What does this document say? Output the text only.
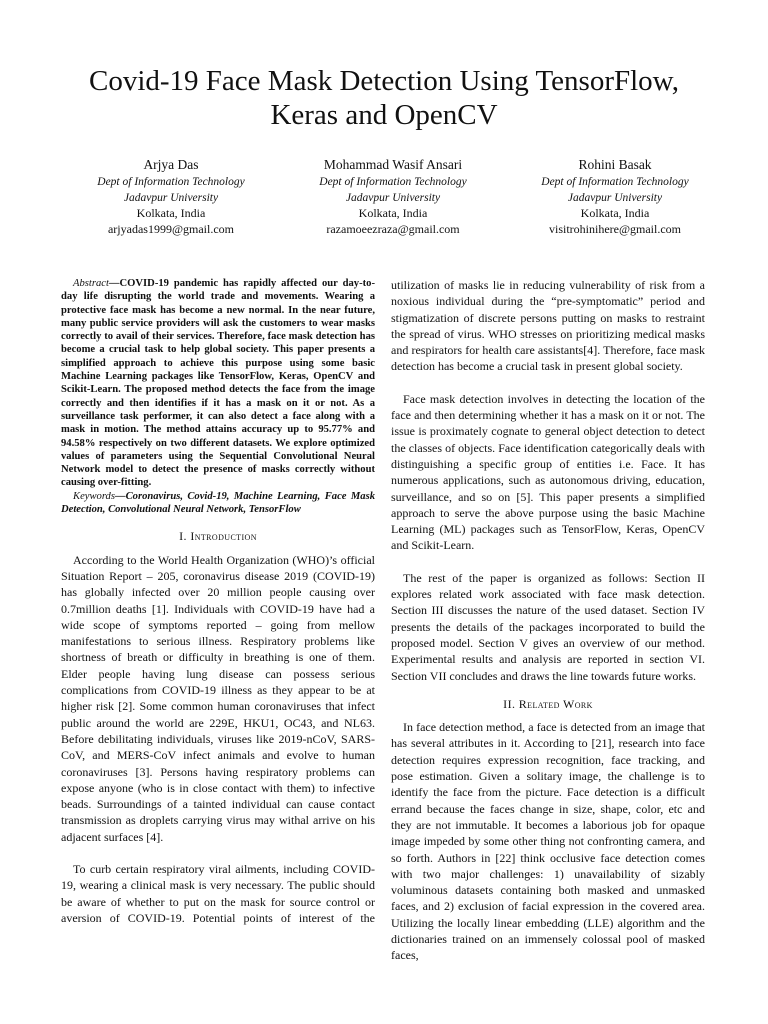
Covid-19 Face Mask Detection Using TensorFlow, Keras and OpenCV
Arjya Das
Dept of Information Technology
Jadavpur University
Kolkata, India
arjyadas1999@gmail.com
Mohammad Wasif Ansari
Dept of Information Technology
Jadavpur University
Kolkata, India
razamoeezraza@gmail.com
Rohini Basak
Dept of Information Technology
Jadavpur University
Kolkata, India
visitrohinihere@gmail.com

Abstract—COVID-19 pandemic has rapidly affected our day-to-day life disrupting the world trade and movements. Wearing a protective face mask has become a new normal. In the near future, many public service providers will ask the customers to wear masks correctly to avail of their services. Therefore, face mask detection has become a crucial task to help global society. This paper presents a simplified approach to achieve this purpose using some basic Machine Learning packages like TensorFlow, Keras, OpenCV and Scikit-Learn. The proposed method detects the face from the image correctly and then identifies if it has a mask on it or not. As a surveillance task performer, it can also detect a face along with a mask in motion. The method attains accuracy up to 95.77% and 94.58% respectively on two different datasets. We explore optimized values of parameters using the Sequential Convolutional Neural Network model to detect the presence of masks correctly without causing over-fitting.

Keywords—Coronavirus, Covid-19, Machine Learning, Face Mask Detection, Convolutional Neural Network, TensorFlow

I. Introduction

According to the World Health Organization (WHO)’s official Situation Report – 205, coronavirus disease 2019 (COVID-19) has globally infected over 20 million people causing over 0.7million deaths [1]. Individuals with COVID-19 have had a wide scope of symptoms reported – going from mellow manifestations to serious illness. Respiratory problems like shortness of breath or difficulty in breathing is one of them. Elder people having lung disease can possess serious complications from COVID-19 illness as they appear to be at higher risk [2]. Some common human coronaviruses that infect public around the world are 229E, HKU1, OC43, and NL63. Before debilitating individuals, viruses like 2019-nCoV, SARS-CoV, and MERS-CoV infect animals and evolve to human coronaviruses [3]. Persons having respiratory problems can expose anyone (who is in close contact with them) to infective beads. Surroundings of a tainted individual can cause contact transmission as droplets carrying virus may withal arrive on his adjacent surfaces [4].

To curb certain respiratory viral ailments, including COVID-19, wearing a clinical mask is very necessary. The public should be aware of whether to put on the mask for source control or aversion of COVID-19. Potential points of interest of the

utilization of masks lie in reducing vulnerability of risk from a noxious individual during the “pre-symptomatic” period and stigmatization of discrete persons putting on masks to restraint the spread of virus. WHO stresses on prioritizing medical masks and respirators for health care assistants[4]. Therefore, face mask detection has become a crucial task in present global society.

Face mask detection involves in detecting the location of the face and then determining whether it has a mask on it or not. The issue is proximately cognate to general object detection to detect the classes of objects. Face identification categorically deals with distinguishing a specific group of entities i.e. Face. It has numerous applications, such as autonomous driving, education, surveillance, and so on [5]. This paper presents a simplified approach to serve the above purpose using the basic Machine Learning (ML) packages such as TensorFlow, Keras, OpenCV and Scikit-Learn.

The rest of the paper is organized as follows: Section II explores related work associated with face mask detection. Section III discusses the nature of the used dataset. Section IV presents the details of the packages incorporated to build the proposed model. Section V gives an overview of our method. Experimental results and analysis are reported in section VI. Section VII concludes and draws the line towards future works.

II. Related Work

In face detection method, a face is detected from an image that has several attributes in it. According to [21], research into face detection requires expression recognition, face tracking, and pose estimation. Given a solitary image, the challenge is to identify the face from the picture. Face detection is a difficult errand because the faces change in size, shape, color, etc and they are not immutable. It becomes a laborious job for opaque image impeded by some other thing not confronting camera, and so forth. Authors in [22] think occlusive face detection comes with two major challenges: 1) unavailability of sizably voluminous datasets containing both masked and unmasked faces, and 2) exclusion of facial expression in the covered area. Utilizing the locally linear embedding (LLE) algorithm and the dictionaries trained on an immensely colossal pool of masked faces,
